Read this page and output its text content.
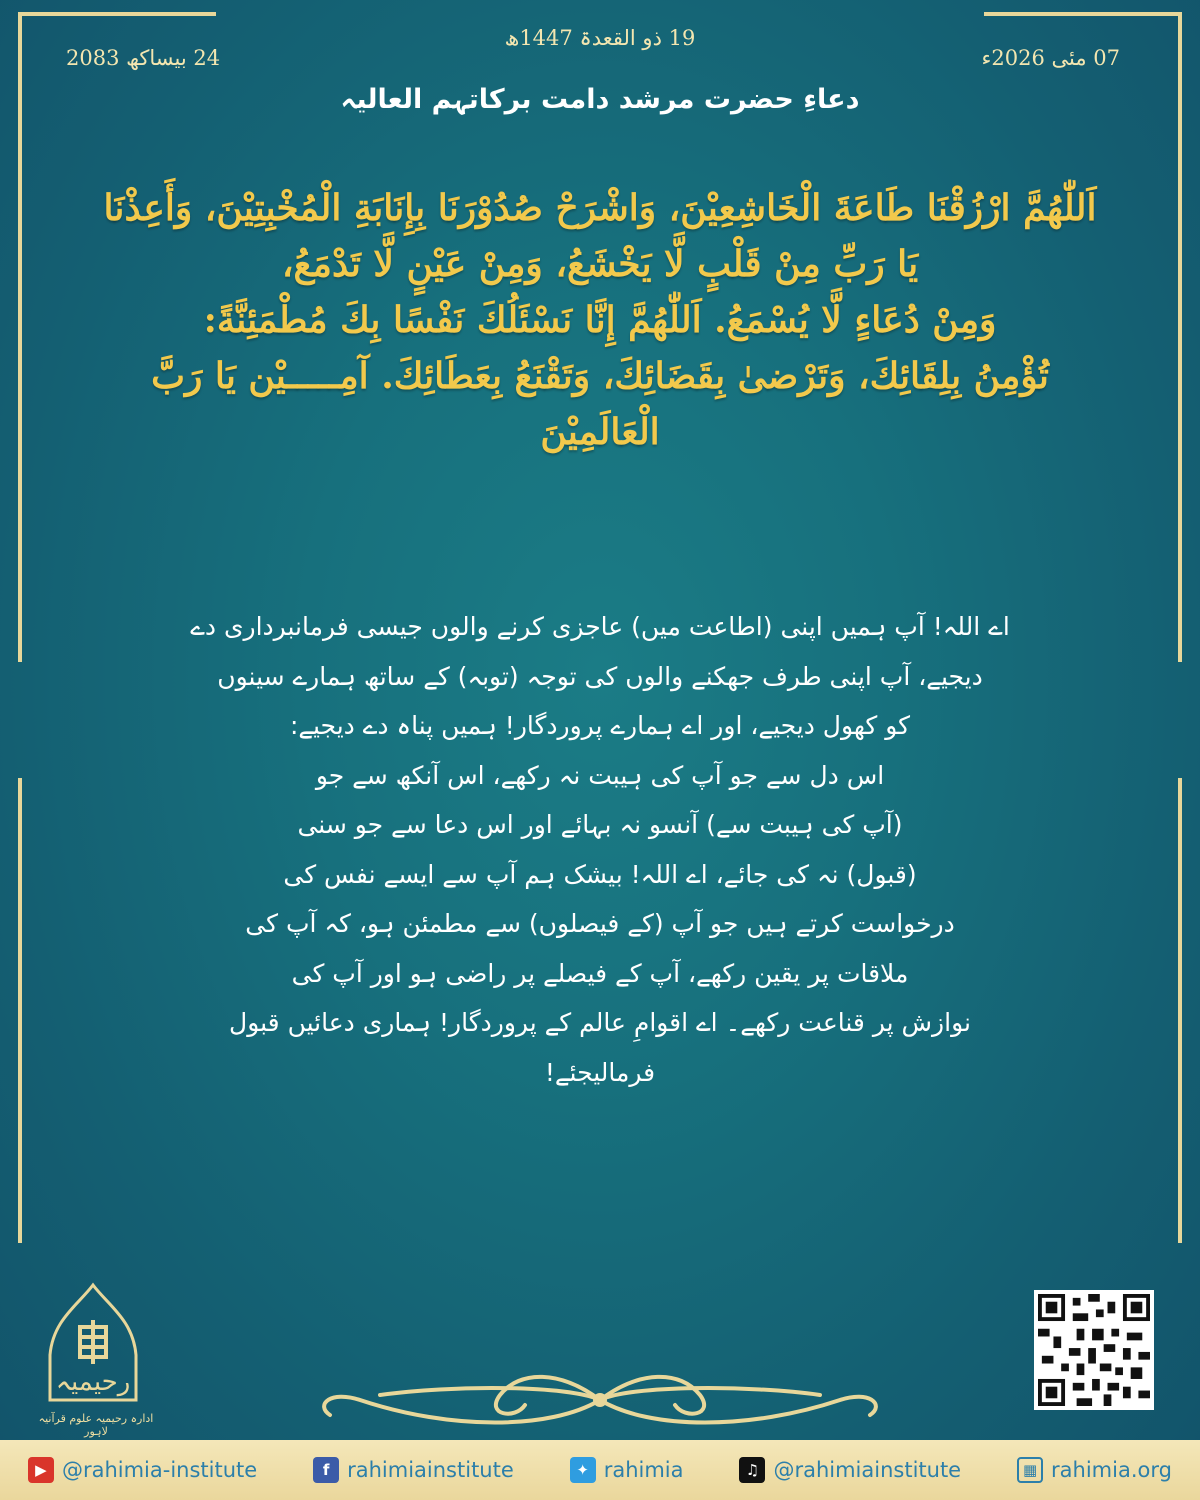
19 ذو القعدۃ 1447ھ
07 مئی 2026ء
24 بیساکھ 2083
دعاءِ حضرت مرشد دامت برکاتہم العالیہ
اَللّٰهُمَّ ارْزُقْنَا طَاعَةَ الْخَاشِعِيْنَ، وَاشْرَحْ صُدُوْرَنَا بِإِنَابَةِ الْمُخْبِتِيْنَ، وَأَعِذْنَا
يَا رَبِّ مِنْ قَلْبٍ لَّا يَخْشَعُ، وَمِنْ عَيْنٍ لَّا تَدْمَعُ،
وَمِنْ دُعَاءٍ لَّا يُسْمَعُ. اَللّٰهُمَّ إِنَّا نَسْئَلُكَ نَفْسًا بِكَ مُطْمَئِنَّةً:
تُؤْمِنُ بِلِقَائِكَ، وَتَرْضىٰ بِقَضَائِكَ، وَتَقْنَعُ بِعَطَائِكَ. آمِـــــيْن يَا رَبَّ
الْعَالَمِيْنَ
اے اللہ! آپ ہمیں اپنی (اطاعت میں) عاجزی کرنے والوں جیسی فرمانبرداری دے
دیجیے، آپ اپنی طرف جھکنے والوں کی توجہ (توبہ) کے ساتھ ہمارے سینوں
کو کھول دیجیے، اور اے ہمارے پروردگار! ہمیں پناہ دے دیجیے:
اس دل سے جو آپ کی ہیبت نہ رکھے، اس آنکھ سے جو
(آپ کی ہیبت سے) آنسو نہ بہائے اور اس دعا سے جو سنی
(قبول) نہ کی جائے، اے اللہ! بیشک ہم آپ سے ایسے نفس کی
درخواست کرتے ہیں جو آپ (کے فیصلوں) سے مطمئن ہو، کہ آپ کی
ملاقات پر یقین رکھے، آپ کے فیصلے پر راضی ہو اور آپ کی
نوازش پر قناعت رکھے۔ اے اقوامِ عالم کے پروردگار! ہماری دعائیں قبول
فرمالیجئے!
رحیمیہ
ادارہ رحیمیہ علوم قرآنیہ لاہور
▶ @rahimia-institute	f rahimiainstitute	✦ rahimia	♫ @rahimiainstitute	▦ rahimia.org
